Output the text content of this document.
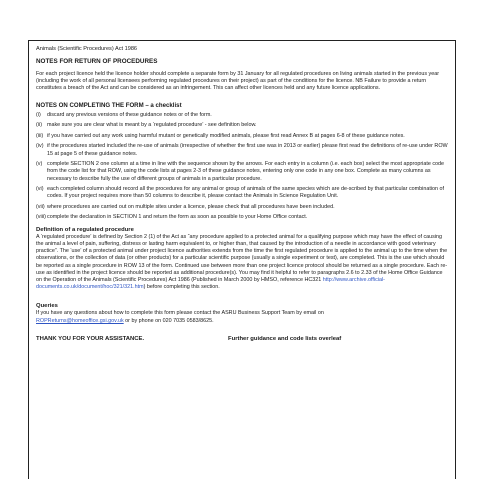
Animals (Scientific Procedures) Act 1986
NOTES FOR RETURN OF PROCEDURES

For each project licence held the licence holder should complete a separate form by 31 January for all regulated procedures on living animals started in the previous year (including the work of all personal licensees performing regulated procedures on their project) as part of the conditions for the licence. NB Failure to provide a return constitutes a breach of the Act and can be considered as an infringement. This can affect other licences held and any future licence applications.

NOTES ON COMPLETING THE FORM – a checklist
(i)	discard any previous versions of these guidance notes or of the form.
(ii) make sure you are clear what is meant by a ‘regulated procedure’ - see definition below.
(iii) if you have carried out any work using harmful mutant or genetically modified animals, please first read Annex B at pages 6-8 of these guidance notes.
(iv) if the procedures started included the re-use of animals (irrespective of whether the first use was in 2013 or earlier) please first read the definitions of re-use under ROW 15 at page 5 of these guidance notes.
(v) complete SECTION 2 one column at a time in line with the sequence shown by the arrows. For each entry in a column (i.e. each box) select the most appropriate code from the code list for that ROW, using the code lists at pages 2-3 of these guidance notes, entering only one code in any one box. Complete as many columns as necessary to describe fully the use of different groups of animals in a particular procedure.
(vi) each completed column should record all the procedures for any animal or group of animals of the same species which are de-scribed by that particular combination of codes. If your project requires more than 50 columns to describe it, please contact the Animals in Science Regulation Unit.
(vii) where procedures are carried out on multiple sites under a licence, please check that all procedures have been included.
(viii) complete the declaration in SECTION 1 and return the form as soon as possible to your Home Office contact.
Definition of a regulated procedure

A ‘regulated procedure’ is defined by Section 2 (1) of the Act as “any procedure applied to a protected animal for a qualifying purpose which may have the effect of causing the animal a level of pain, suffering, distress or lasting harm equivalent to, or higher than, that caused by the introduction of a needle in accordance with good veterinary practice”. The ‘use’ of a protected animal under project licence authorities extends from the time the first regulated procedure is applied to the animal up to the time when the observations, or the collection of data (or other products) for a particular scientific purpose (usually a single experiment or test), are completed. This is the use which should be reported as a single procedure in ROW 13 of the form. Continued use between more than one project licence protocol should be returned as a single procedure. Each re-use as identified in the project licence should be reported as additional procedure(s). You may find it helpful to refer to paragraphs 2.6 to 2.33 of the Home Office Guidance on the Operation of the Animals (Scientific Procedures) Act 1986 (Published in March 2000 by HMSO, reference HC321 http://www.archive.official-documents.co.uk/document/hoc/321/321.htm) before completing this section.

Queries

If you have any questions about how to complete this form please contact the ASRU Business Support Team by email on
ROPReturns@homeoffice.gsi.gov.uk or by phone on 020 7035 0583/8625.

THANK YOU FOR YOUR ASSISTANCE.	Further guidance and code lists overleaf
